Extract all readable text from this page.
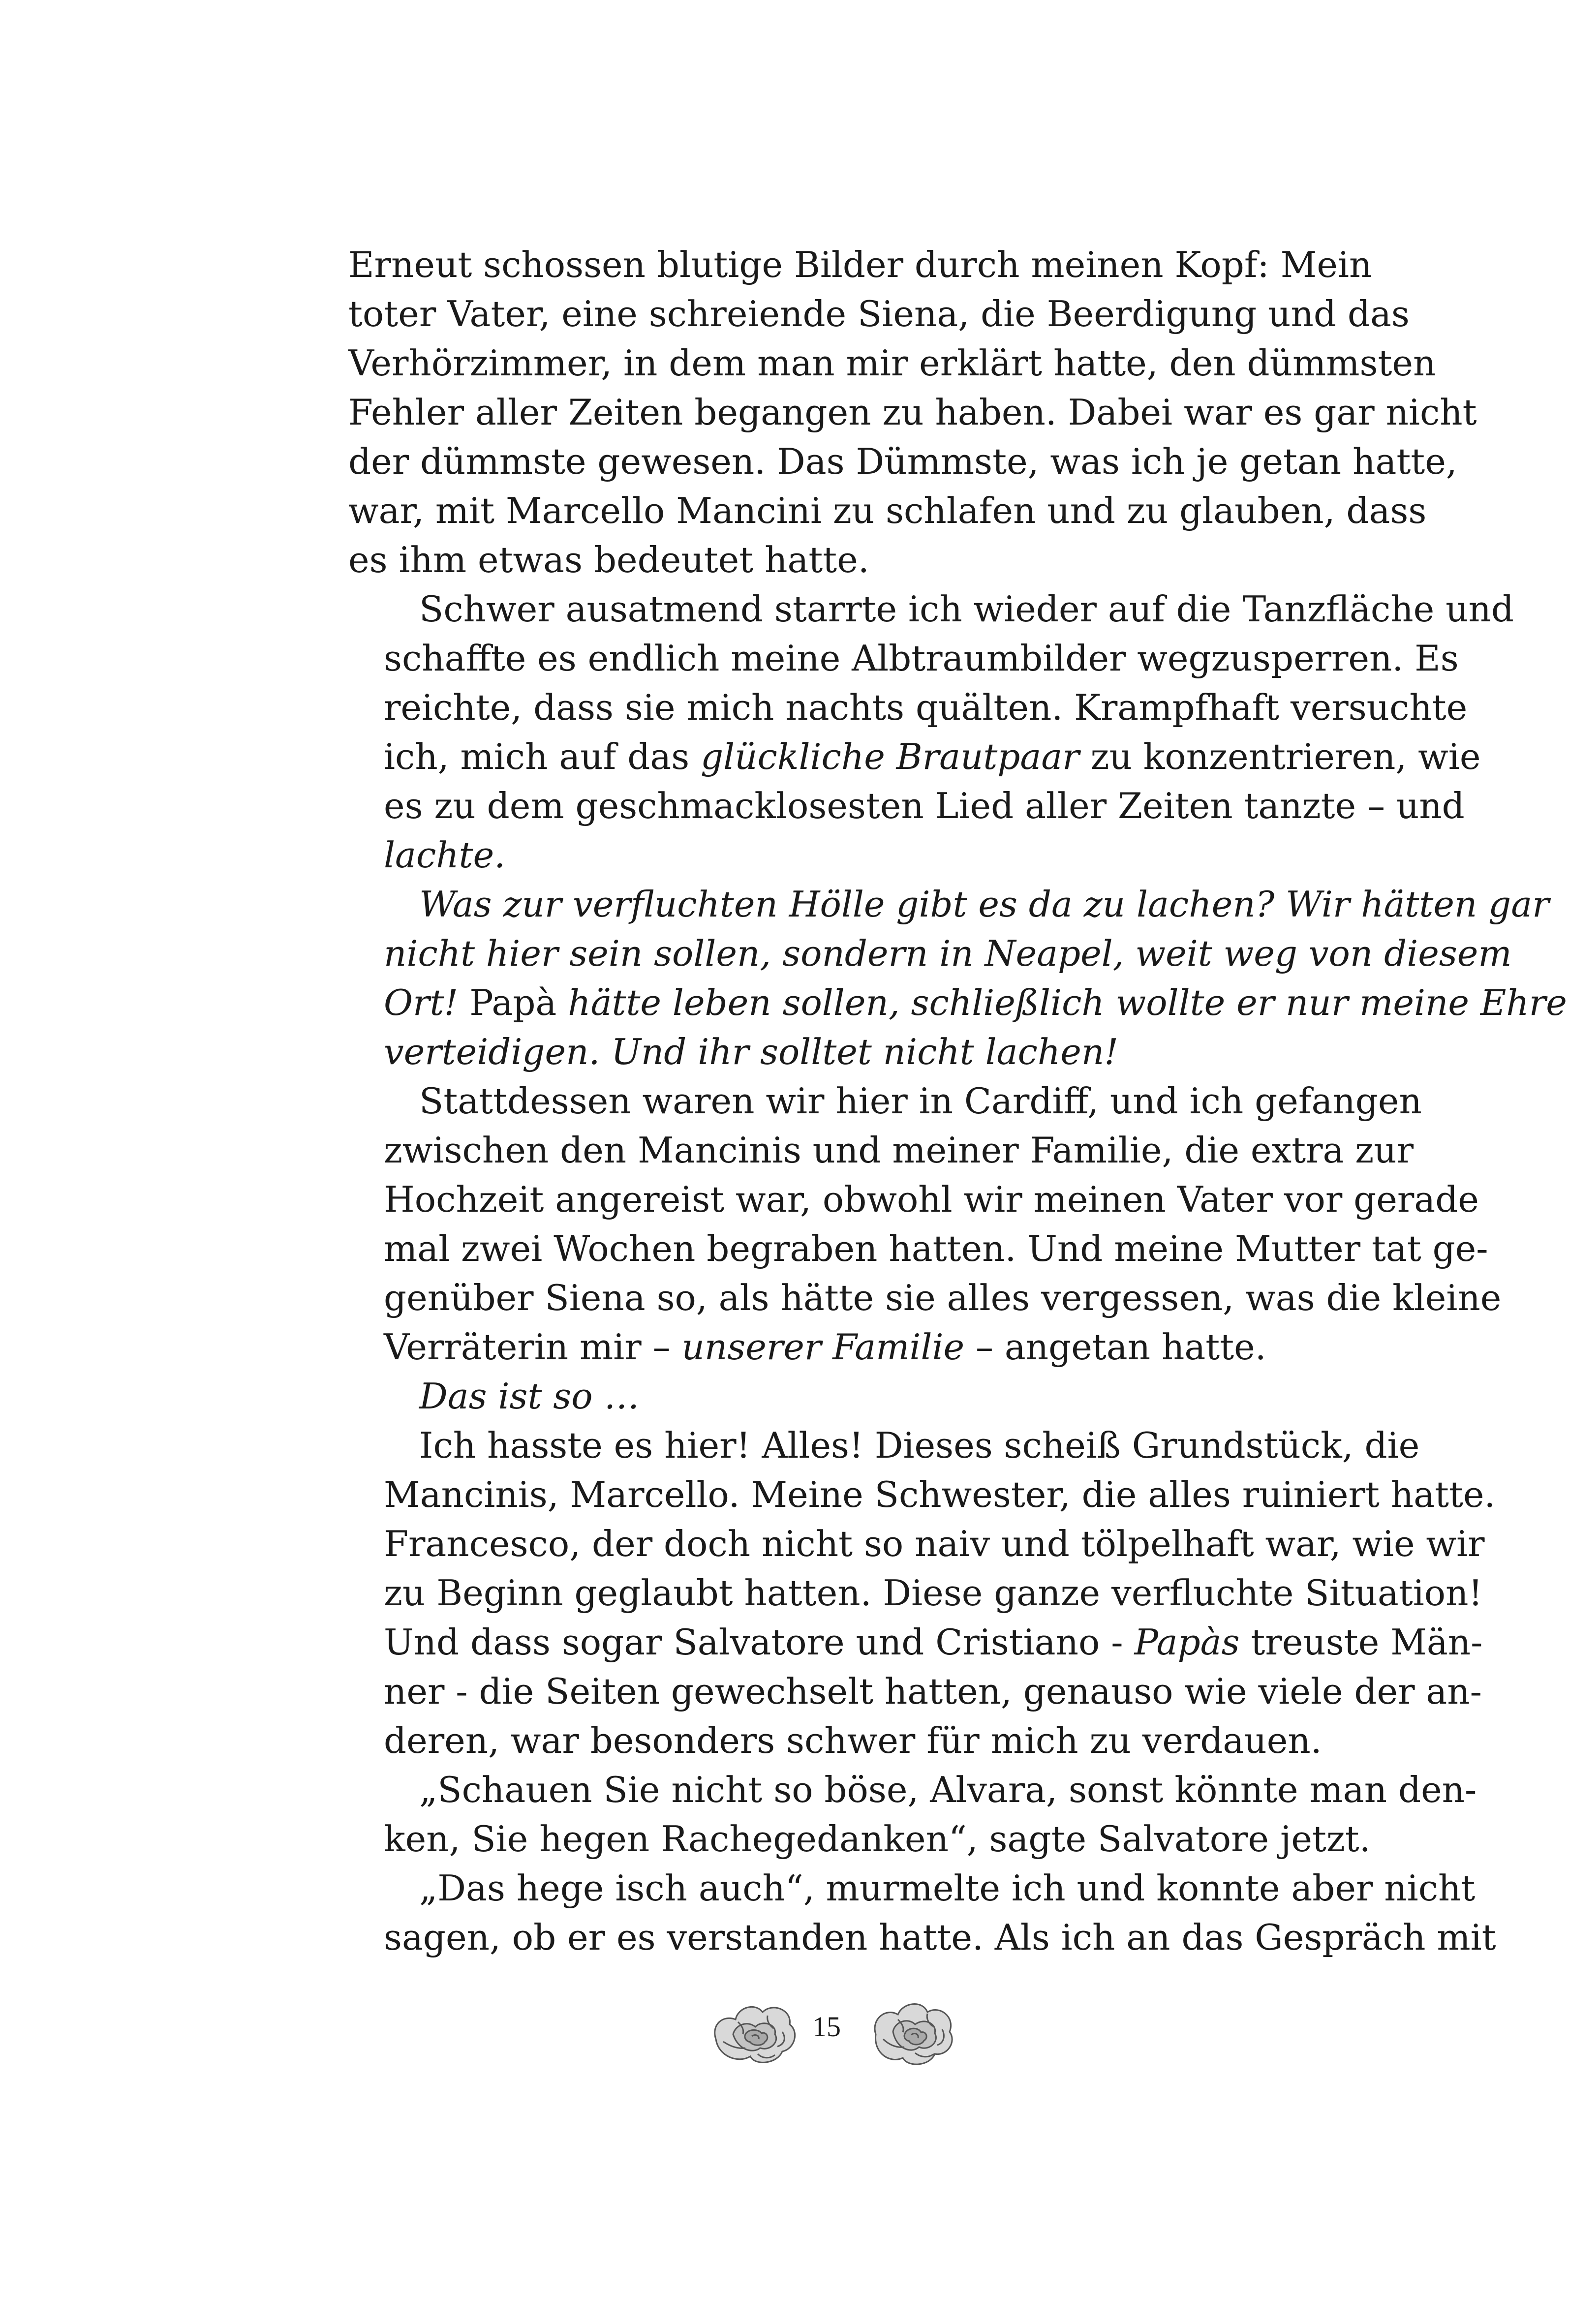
Erneut schossen blutige Bilder durch meinen Kopf: Mein
toter Vater, eine schreiende Siena, die Beerdigung und das
Verhörzimmer, in dem man mir erklärt hatte, den dümmsten
Fehler aller Zeiten begangen zu haben. Dabei war es gar nicht
der dümmste gewesen. Das Dümmste, was ich je getan hatte,
war, mit Marcello Mancini zu schlafen und zu glauben, dass
es ihm etwas bedeutet hatte.
Schwer ausatmend starrte ich wieder auf die Tanzfläche und
schaffte es endlich meine Albtraumbilder wegzusperren. Es
reichte, dass sie mich nachts quälten. Krampfhaft versuchte
ich, mich auf das glückliche Brautpaar zu konzentrieren, wie
es zu dem geschmacklosesten Lied aller Zeiten tanzte – und
lachte.
Was zur verfluchten Hölle gibt es da zu lachen? Wir hätten gar
nicht hier sein sollen, sondern in Neapel, weit weg von diesem
Ort! Papà hätte leben sollen, schließlich wollte er nur meine Ehre
verteidigen. Und ihr solltet nicht lachen!
Stattdessen waren wir hier in Cardiff, und ich gefangen
zwischen den Mancinis und meiner Familie, die extra zur
Hochzeit angereist war, obwohl wir meinen Vater vor gerade
mal zwei Wochen begraben hatten. Und meine Mutter tat ge-
genüber Siena so, als hätte sie alles vergessen, was die kleine
Verräterin mir – unserer Familie – angetan hatte.
Das ist so …
Ich hasste es hier! Alles! Dieses scheiß Grundstück, die
Mancinis, Marcello. Meine Schwester, die alles ruiniert hatte.
Francesco, der doch nicht so naiv und tölpelhaft war, wie wir
zu Beginn geglaubt hatten. Diese ganze verfluchte Situation!
Und dass sogar Salvatore und Cristiano - Papàs treuste Män-
ner - die Seiten gewechselt hatten, genauso wie viele der an-
deren, war besonders schwer für mich zu verdauen.
„Schauen Sie nicht so böse, Alvara, sonst könnte man den-
ken, Sie hegen Rachegedanken“, sagte Salvatore jetzt.
„Das hege isch auch“, murmelte ich und konnte aber nicht
sagen, ob er es verstanden hatte. Als ich an das Gespräch mit
15
